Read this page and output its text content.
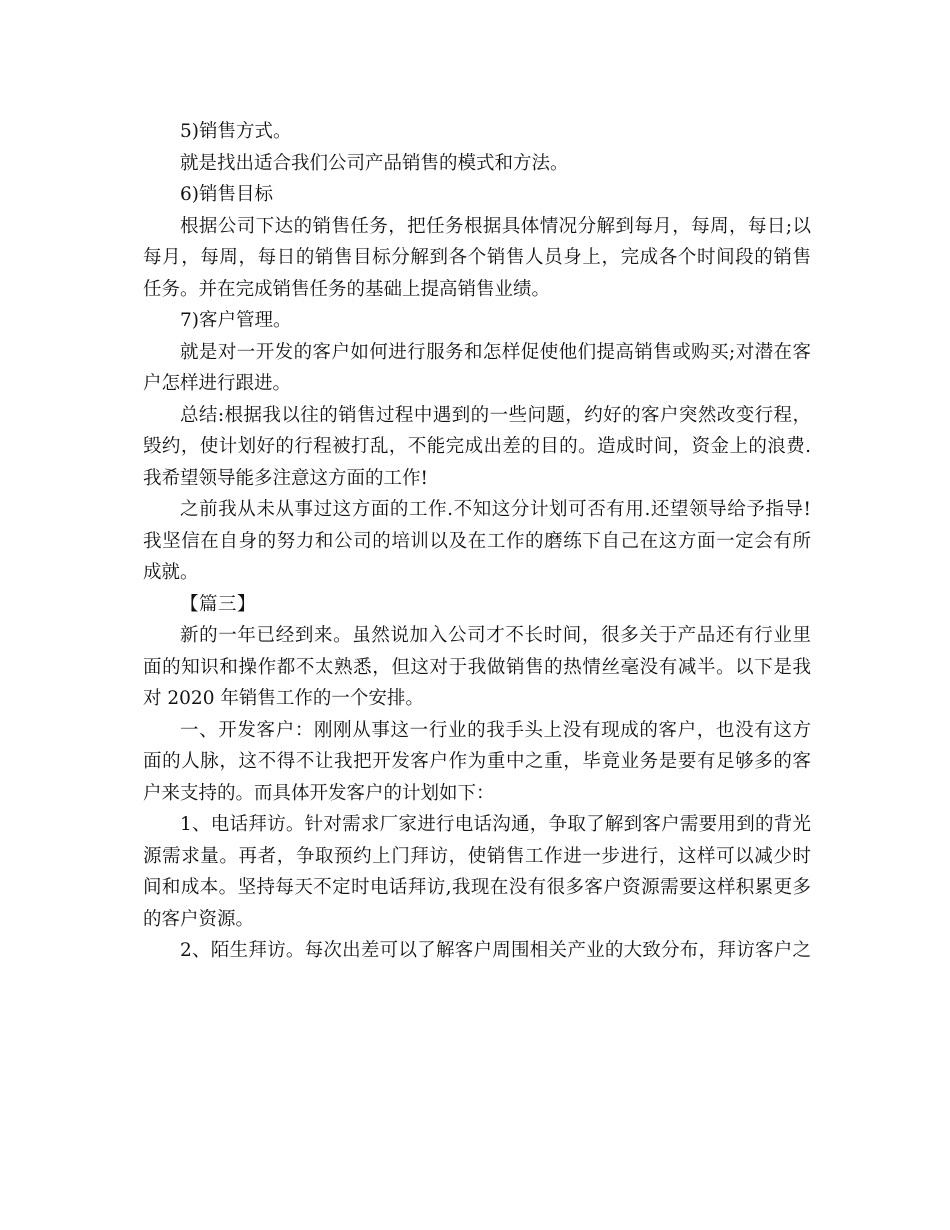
5)销售方式。
就是找出适合我们公司产品销售的模式和方法。
6)销售目标
根据公司下达的销售任务，把任务根据具体情况分解到每月，每周，每日;以
每月，每周，每日的销售目标分解到各个销售人员身上，完成各个时间段的销售
任务。并在完成销售任务的基础上提高销售业绩。
7)客户管理。
就是对一开发的客户如何进行服务和怎样促使他们提高销售或购买;对潜在客
户怎样进行跟进。
总结:根据我以往的销售过程中遇到的一些问题，约好的客户突然改变行程，
毁约，使计划好的行程被打乱，不能完成出差的目的。造成时间，资金上的浪费.
我希望领导能多注意这方面的工作!
之前我从未从事过这方面的工作.不知这分计划可否有用.还望领导给予指导!
我坚信在自身的努力和公司的培训以及在工作的磨练下自己在这方面一定会有所
成就。
【篇三】
新的一年已经到来。虽然说加入公司才不长时间，很多关于产品还有行业里
面的知识和操作都不太熟悉，但这对于我做销售的热情丝毫没有减半。以下是我
对 2020 年销售工作的一个安排。
一、开发客户：刚刚从事这一行业的我手头上没有现成的客户，也没有这方
面的人脉，这不得不让我把开发客户作为重中之重，毕竟业务是要有足够多的客
户来支持的。而具体开发客户的计划如下：
1、电话拜访。针对需求厂家进行电话沟通，争取了解到客户需要用到的背光
源需求量。再者，争取预约上门拜访，使销售工作进一步进行，这样可以减少时
间和成本。坚持每天不定时电话拜访,我现在没有很多客户资源需要这样积累更多
的客户资源。
2、陌生拜访。每次出差可以了解客户周围相关产业的大致分布，拜访客户之
